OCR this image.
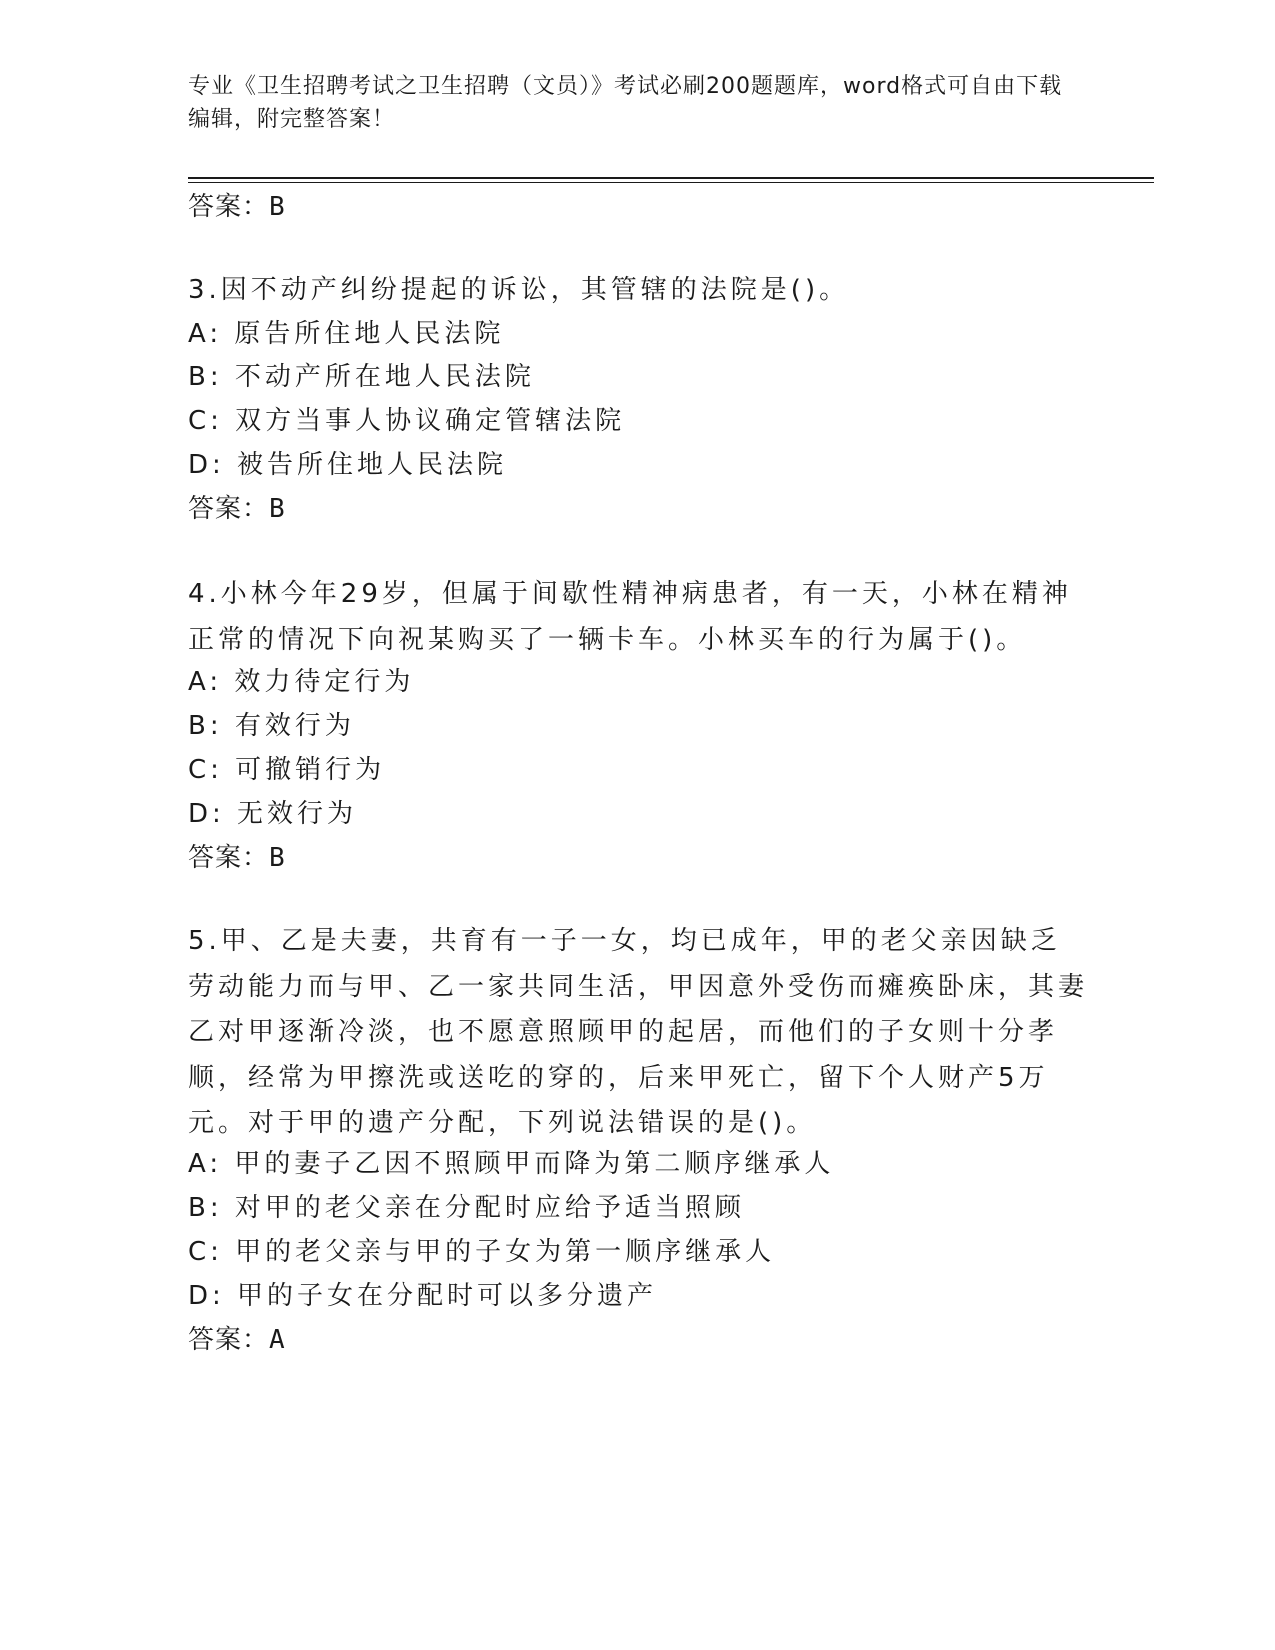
专业《卫生招聘考试之卫生招聘（文员）》考试必刷200题题库，word格式可自由下载编辑，附完整答案！
答案：B
3.因不动产纠纷提起的诉讼，其管辖的法院是()。
A: 原告所住地人民法院
B: 不动产所在地人民法院
C: 双方当事人协议确定管辖法院
D: 被告所住地人民法院
答案：B
4.小林今年29岁，但属于间歇性精神病患者，有一天，小林在精神正常的情况下向祝某购买了一辆卡车。小林买车的行为属于()。
A: 效力待定行为
B: 有效行为
C: 可撤销行为
D: 无效行为
答案：B
5.甲、乙是夫妻，共育有一子一女，均已成年，甲的老父亲因缺乏劳动能力而与甲、乙一家共同生活，甲因意外受伤而瘫痪卧床，其妻乙对甲逐渐冷淡，也不愿意照顾甲的起居，而他们的子女则十分孝顺，经常为甲擦洗或送吃的穿的，后来甲死亡，留下个人财产5万元。对于甲的遗产分配，下列说法错误的是()。
A: 甲的妻子乙因不照顾甲而降为第二顺序继承人
B: 对甲的老父亲在分配时应给予适当照顾
C: 甲的老父亲与甲的子女为第一顺序继承人
D: 甲的子女在分配时可以多分遗产
答案：A
